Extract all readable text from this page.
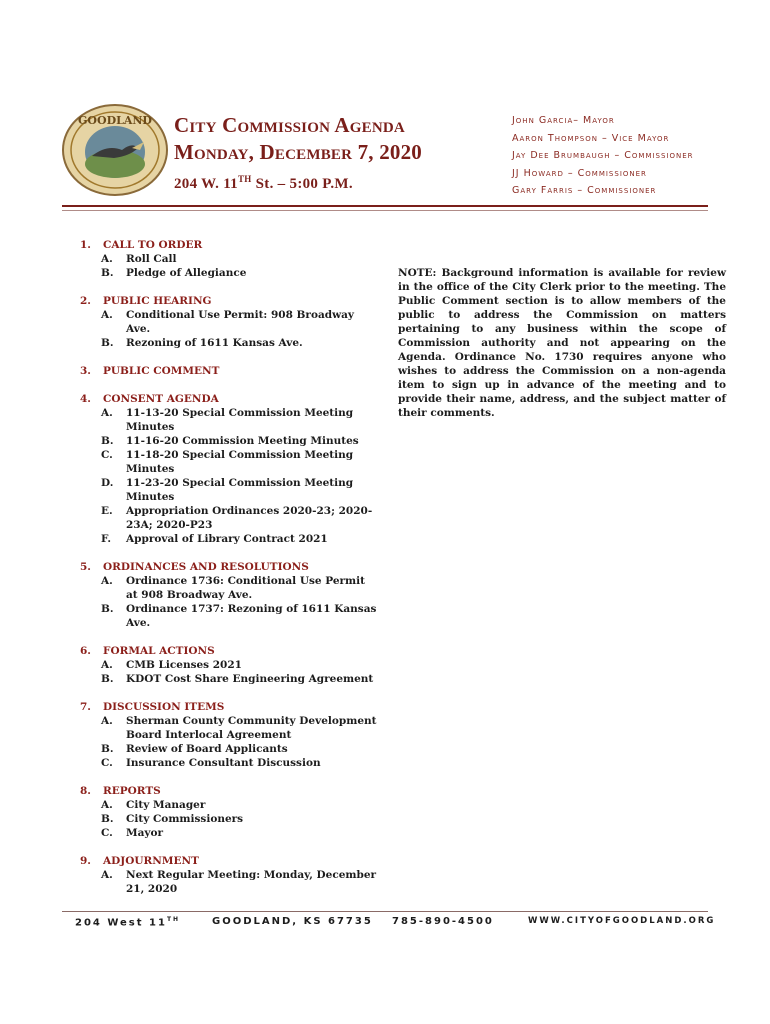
GOODLAND City Commission Agenda
Monday, December 7, 2020
204 W. 11TH St. – 5:00 P.M.
John Garcia– Mayor
Aaron Thompson – Vice Mayor
Jay Dee Brumbaugh – Commissioner
JJ Howard – Commissioner
Gary Farris – Commissioner
1.	CALL TO ORDER
A.	Roll Call
B.	Pledge of Allegiance
2.	PUBLIC HEARING
A.	Conditional Use Permit: 908 Broadway Ave.
B.	Rezoning of 1611 Kansas Ave.
3.	PUBLIC COMMENT
4.	CONSENT AGENDA
A.	11-13-20 Special Commission Meeting Minutes
B.	11-16-20 Commission Meeting Minutes
C.	11-18-20 Special Commission Meeting Minutes
D.	11-23-20 Special Commission Meeting Minutes
E.	Appropriation Ordinances 2020-23; 2020-23A; 2020-P23
F.	Approval of Library Contract 2021
5.	ORDINANCES AND RESOLUTIONS
A.	Ordinance 1736: Conditional Use Permit at 908 Broadway Ave.
B.	Ordinance 1737: Rezoning of 1611 Kansas Ave.
6.	FORMAL ACTIONS
A.	CMB Licenses 2021
B.	KDOT Cost Share Engineering Agreement
7.	DISCUSSION ITEMS
A.	Sherman County Community Development Board Interlocal Agreement
B.	Review of Board Applicants
C.	Insurance Consultant Discussion
8.	REPORTS
A.	City Manager
B.	City Commissioners
C.	Mayor
9.	ADJOURNMENT
A.	Next Regular Meeting: Monday, December 21, 2020
NOTE: Background information is available for review in the office of the City Clerk prior to the meeting. The Public Comment section is to allow members of the public to address the Commission on matters pertaining to any business within the scope of Commission authority and not appearing on the Agenda. Ordinance No. 1730 requires anyone who wishes to address the Commission on a non-agenda item to sign up in advance of the meeting and to provide their name, address, and the subject matter of their comments.
204 West 11TH	GOODLAND, KS 67735 785-890-4500	WWW.CITYOFGOODLAND.ORG
